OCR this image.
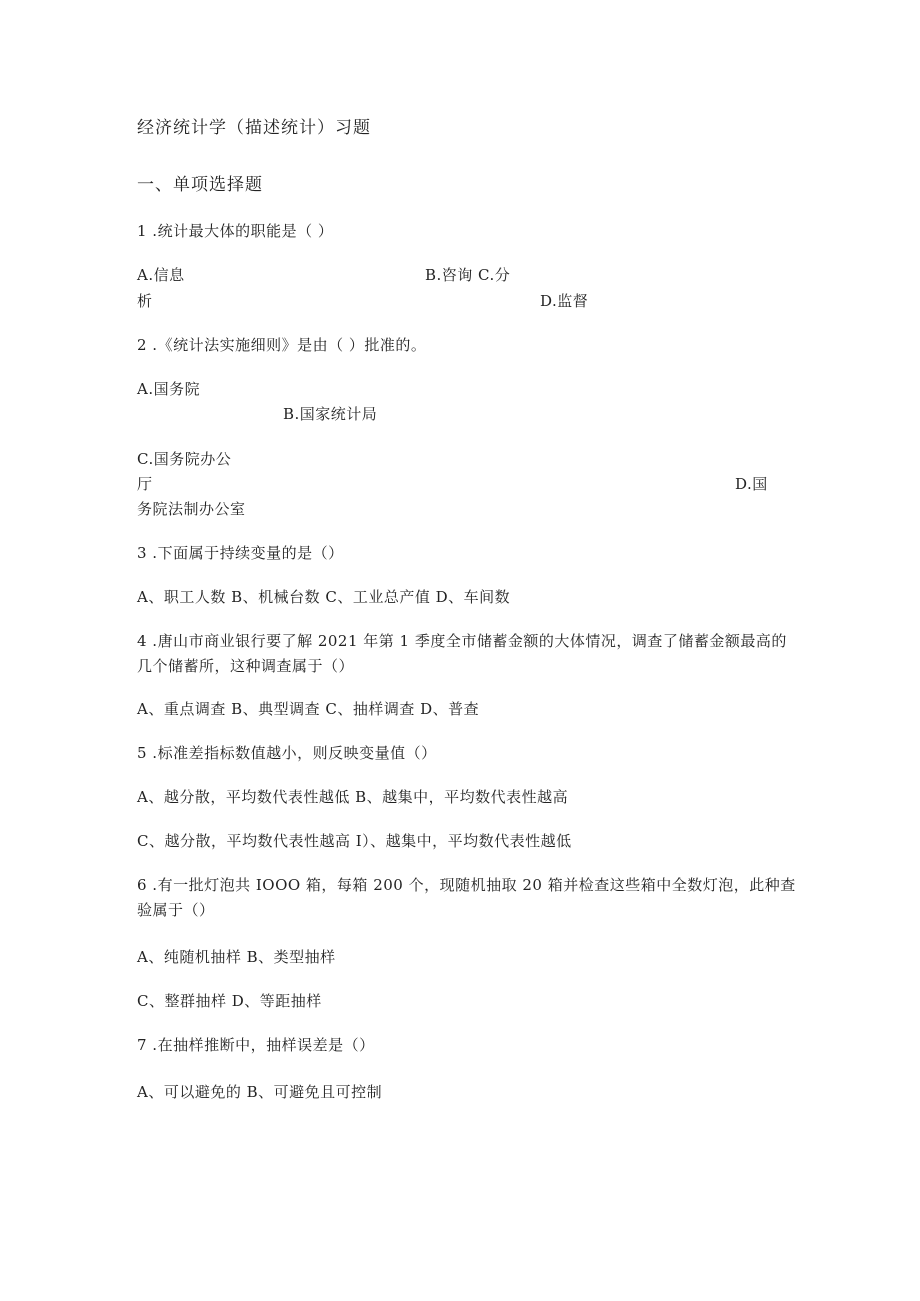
经济统计学（描述统计）习题
一、单项选择题
1 .统计最大体的职能是（ ）
A.信息	B.咨询 C.分
析	D.监督
2 .《统计法实施细则》是由（ ）批准的。
A.国务院
B.国家统计局
C.国务院办公
厅	D.国
务院法制办公室
3 .下面属于持续变量的是（）
A、职工人数 B、机械台数 C、工业总产值 D、车间数
4 .唐山市商业银行要了解 2021 年第 1 季度全市储蓄金额的大体情况，调查了储蓄金额最高的
几个储蓄所，这种调查属于（）
A、重点调查 B、典型调查 C、抽样调查 D、普查
5 .标准差指标数值越小，则反映变量值（）
A、越分散，平均数代表性越低 B、越集中，平均数代表性越高
C、越分散，平均数代表性越高 I）、越集中，平均数代表性越低
6 .有一批灯泡共 IOOO 箱，每箱 200 个，现随机抽取 20 箱并检查这些箱中全数灯泡，此种查
验属于（）
A、纯随机抽样 B、类型抽样
C、整群抽样 D、等距抽样
7 .在抽样推断中，抽样误差是（）
A、可以避免的 B、可避免且可控制
